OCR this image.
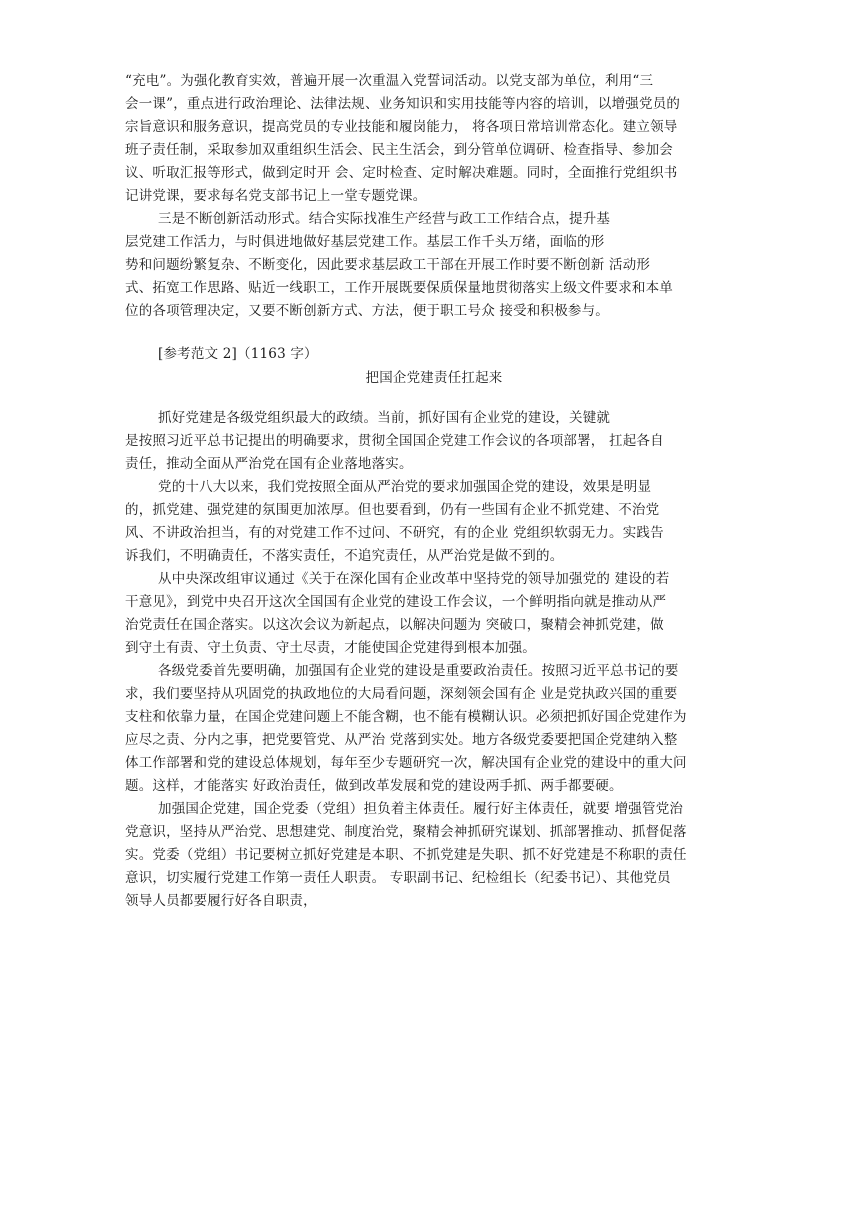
“充电”。为强化教育实效，普遍开展一次重温入党誓词活动。以党支部为单位，利用“三
会一课”，重点进行政治理论、法律法规、业务知识和实用技能等内容的培训，以增强党员的
宗旨意识和服务意识，提高党员的专业技能和履岗能力， 将各项日常培训常态化。建立领导
班子责任制，采取参加双重组织生活会、民主生活会，到分管单位调研、检查指导、参加会
议、听取汇报等形式，做到定时开 会、定时检查、定时解决难题。同时，全面推行党组织书
记讲党课，要求每名党支部书记上一堂专题党课。
三是不断创新活动形式。结合实际找准生产经营与政工工作结合点，提升基
层党建工作活力，与时俱进地做好基层党建工作。基层工作千头万绪，面临的形
势和问题纷繁复杂、不断变化，因此要求基层政工干部在开展工作时要不断创新 活动形
式、拓宽工作思路、贴近一线职工，工作开展既要保质保量地贯彻落实上级文件要求和本单
位的各项管理决定，又要不断创新方式、方法，便于职工号众 接受和积极参与。
[参考范文 2]（1163 字）
把国企党建责任扛起来
抓好党建是各级党组织最大的政绩。当前，抓好国有企业党的建设，关键就
是按照习近平总书记提出的明确要求，贯彻全国国企党建工作会议的各项部署， 扛起各自
责任，推动全面从严治党在国有企业落地落实。
党的十八大以来，我们党按照全面从严治党的要求加强国企党的建设，效果是明显
的，抓党建、强党建的氛围更加浓厚。但也要看到，仍有一些国有企业不抓党建、不治党
风、不讲政治担当，有的对党建工作不过问、不研究，有的企业 党组织软弱无力。实践告
诉我们，不明确责任，不落实责任，不追究责任，从严治党是做不到的。
从中央深改组审议通过《关于在深化国有企业改革中坚持党的领导加强党的 建设的若
干意见》，到党中央召开这次全国国有企业党的建设工作会议，一个鲜明指向就是推动从严
治党责任在国企落实。以这次会议为新起点，以解决问题为 突破口，聚精会神抓党建，做
到守土有责、守土负责、守土尽责，才能使国企党建得到根本加强。
各级党委首先要明确，加强国有企业党的建设是重要政治责任。按照习近平总书记的要
求，我们要坚持从巩固党的执政地位的大局看问题，深刻领会国有企 业是党执政兴国的重要
支柱和依靠力量，在国企党建问题上不能含糊，也不能有模糊认识。必须把抓好国企党建作为
应尽之责、分内之事，把党要管党、从严治 党落到实处。地方各级党委要把国企党建纳入整
体工作部署和党的建设总体规划，每年至少专题研究一次，解决国有企业党的建设中的重大问
题。这样，才能落实 好政治责任，做到改革发展和党的建设两手抓、两手都要硬。
加强国企党建，国企党委（党组）担负着主体责任。履行好主体责任，就要 增强管党治
党意识，坚持从严治党、思想建党、制度治党，聚精会神抓研究谋划、抓部署推动、抓督促落
实。党委（党组）书记要树立抓好党建是本职、不抓党建是失职、抓不好党建是不称职的责任
意识，切实履行党建工作第一责任人职责。 专职副书记、纪检组长（纪委书记）、其他党员
领导人员都要履行好各自职责，
